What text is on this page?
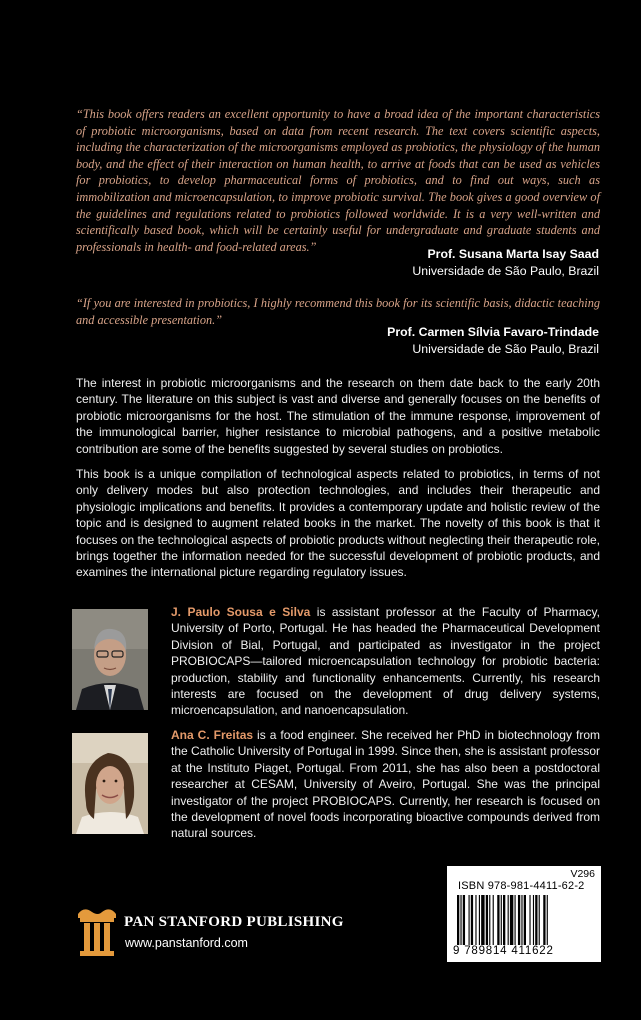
“This book offers readers an excellent opportunity to have a broad idea of the important characteristics of probiotic microorganisms, based on data from recent research. The text covers scientific aspects, including the characterization of the microorganisms employed as probiotics, the physiology of the human body, and the effect of their interaction on human health, to arrive at foods that can be used as vehicles for probiotics, to develop pharmaceutical forms of probiotics, and to find out ways, such as immobilization and microencapsulation, to improve probiotic survival. The book gives a good overview of the guidelines and regulations related to probiotics followed worldwide. It is a very well-written and scientifically based book, which will be certainly useful for undergraduate and graduate students and professionals in health- and food-related areas.”

Prof. Susana Marta Isay Saad
Universidade de São Paulo, Brazil

“If you are interested in probiotics, I highly recommend this book for its scientific basis, didactic teaching and accessible presentation.”

Prof. Carmen Sílvia Favaro-Trindade
Universidade de São Paulo, Brazil

The interest in probiotic microorganisms and the research on them date back to the early 20th century. The literature on this subject is vast and diverse and generally focuses on the benefits of probiotic microorganisms for the host. The stimulation of the immune response, improvement of the immunological barrier, higher resistance to microbial pathogens, and a positive metabolic contribution are some of the benefits suggested by several studies on probiotics.

This book is a unique compilation of technological aspects related to probiotics, in terms of not only delivery modes but also protection technologies, and includes their therapeutic and physiologic implications and benefits. It provides a contemporary update and holistic review of the topic and is designed to augment related books in the market. The novelty of this book is that it focuses on the technological aspects of probiotic products without neglecting their therapeutic role, brings together the information needed for the successful development of probiotic products, and examines the international picture regarding regulatory issues.

J. Paulo Sousa e Silva is assistant professor at the Faculty of Pharmacy, University of Porto, Portugal. He has headed the Pharmaceutical Development Division of Bial, Portugal, and participated as investigator in the project PROBIOCAPS—tailored microencapsulation technology for probiotic bacteria: production, stability and functionality enhancements. Currently, his research interests are focused on the development of drug delivery systems, microencapsulation, and nanoencapsulation.

Ana C. Freitas is a food engineer. She received her PhD in biotechnology from the Catholic University of Portugal in 1999. Since then, she is assistant professor at the Instituto Piaget, Portugal. From 2011, she has also been a postdoctoral researcher at CESAM, University of Aveiro, Portugal. She was the principal investigator of the project PROBIOCAPS. Currently, her research is focused on the development of novel foods incorporating bioactive compounds derived from natural sources.

PAN STANFORD PUBLISHING
www.panstanford.com
V296
ISBN 978-981-4411-62-2
9 789814 411622
